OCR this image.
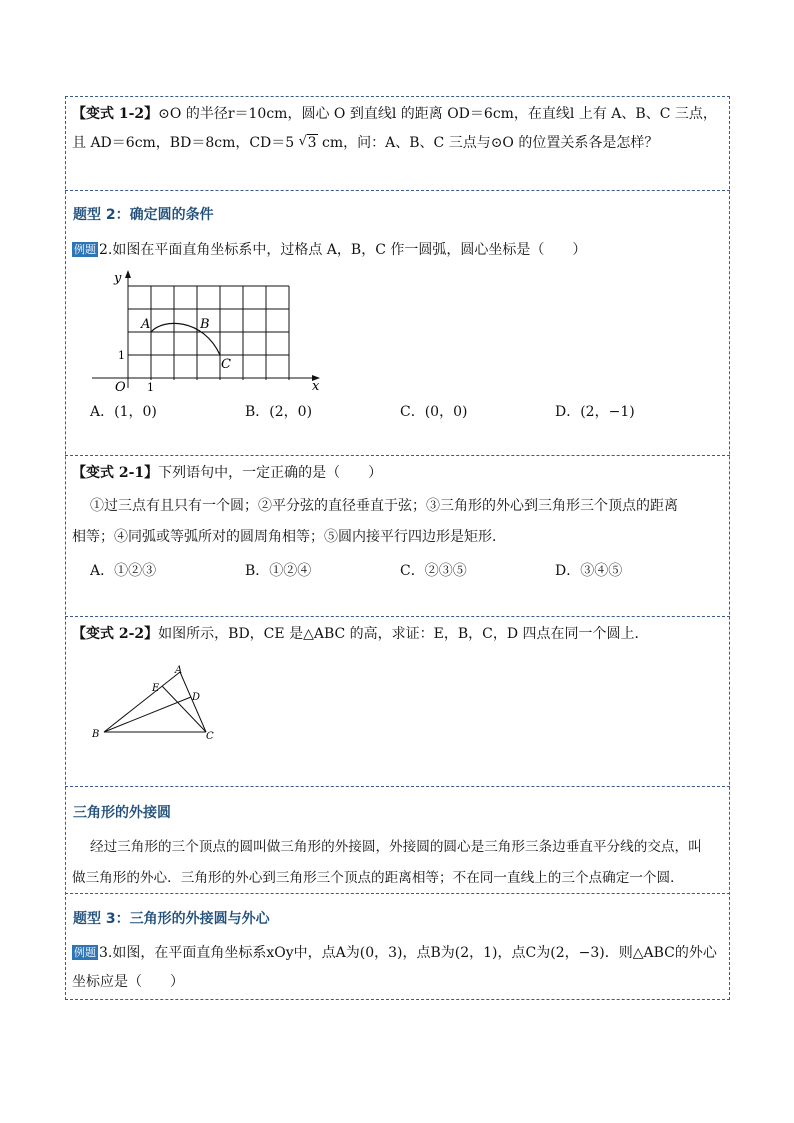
【变式 1-2】⊙O 的半径r＝10cm，圆心 O 到直线l 的距离 OD＝6cm，在直线l 上有 A、B、C 三点，
且 AD＝6cm，BD＝8cm，CD＝5 √ 3 cm，问：A、B、C 三点与⊙O 的位置关系各是怎样？
题型 2：确定圆的条件
例题 2.如图在平面直角坐标系中，过格点 A，B，C 作一圆弧，圆心坐标是（　　）
y
x
O 1
1
A	B
C
A．(1，0)	B．(2，0)	C．(0，0)	D．(2，−1)
【变式 2-1】下列语句中，一定正确的是（　　）
①过三点有且只有一个圆；②平分弦的直径垂直于弦；③三角形的外心到三角形三个顶点的距离
相等；④同弧或等弧所对的圆周角相等；⑤圆内接平行四边形是矩形．
A．①②③	B．①②④	C．②③⑤	D．③④⑤
【变式 2-2】如图所示，BD，CE 是△ABC 的高，求证：E，B，C，D 四点在同一个圆上．
A
B	C
D
E
三角形的外接圆
经过三角形的三个顶点的圆叫做三角形的外接圆，外接圆的圆心是三角形三条边垂直平分线的交点，叫
做三角形的外心．三角形的外心到三角形三个顶点的距离相等；不在同一直线上的三个点确定一个圆．
题型 3：三角形的外接圆与外心
例题 3.如图，在平面直角坐标系xOy中，点A为(0，3)，点B为(2，1)，点C为(2，−3)．则△ABC的外心
坐标应是（　　）
